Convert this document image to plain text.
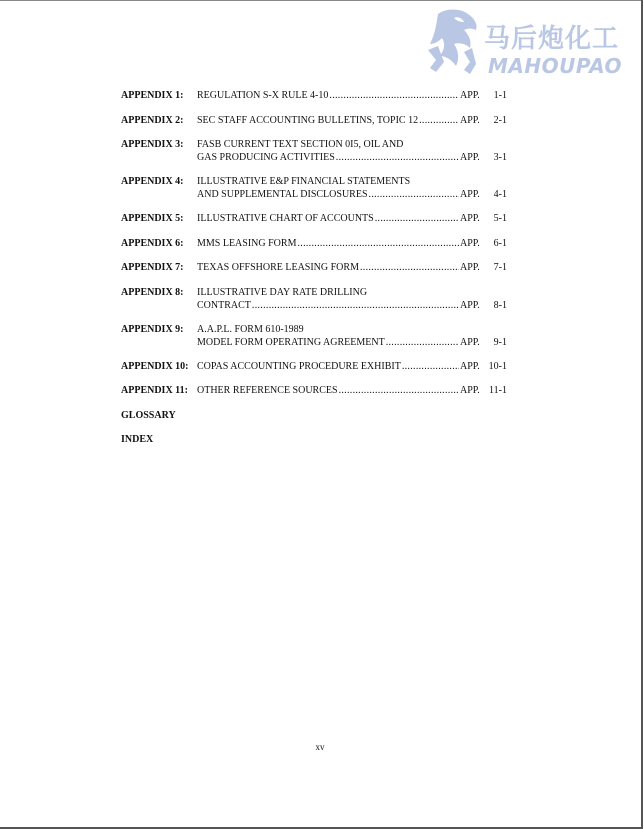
马后炮化工
MAHOUPAO
APPENDIX 1: REGULATION S-X RULE 4-10 .....	APP.	1-1
APPENDIX 2: SEC STAFF ACCOUNTING BULLETINS, TOPIC 12 .....	APP.	2-1
APPENDIX 3: FASB CURRENT TEXT SECTION 0I5, OIL AND
GAS PRODUCING ACTIVITIES .....	APP.	3-1
APPENDIX 4: ILLUSTRATIVE E&P FINANCIAL STATEMENTS
AND SUPPLEMENTAL DISCLOSURES .....	APP.	4-1
APPENDIX 5: ILLUSTRATIVE CHART OF ACCOUNTS .....	APP.	5-1
APPENDIX 6: MMS LEASING FORM .....	APP.	6-1
APPENDIX 7: TEXAS OFFSHORE LEASING FORM .....	APP.	7-1
APPENDIX 8: ILLUSTRATIVE DAY RATE DRILLING
CONTRACT .....	APP.	8-1
APPENDIX 9: A.A.P.L. FORM 610-1989
MODEL FORM OPERATING AGREEMENT .....	APP.	9-1
APPENDIX 10: COPAS ACCOUNTING PROCEDURE EXHIBIT .....	APP. 10-1
APPENDIX 11: OTHER REFERENCE SOURCES .....	APP. 11-1
GLOSSARY
INDEX
xv
